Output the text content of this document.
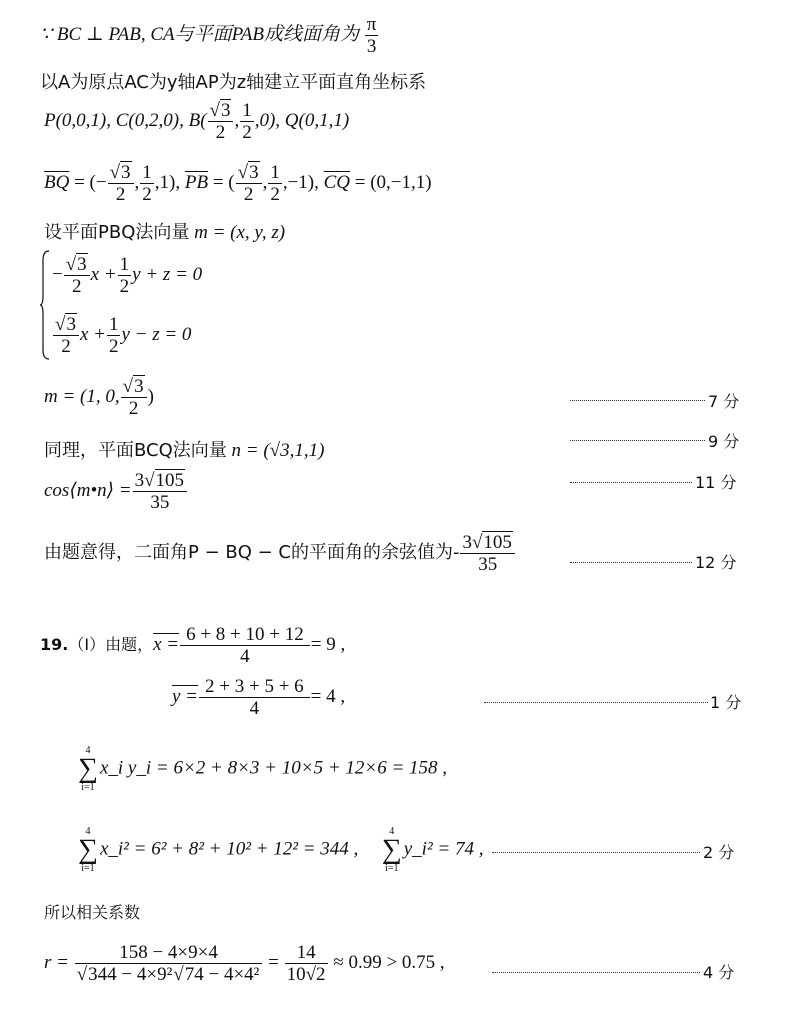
∵ BC ⊥ PAB, CA与平面PAB成线面角为 $\frac{\pi}{3}$
以A为原点AC为y轴AP为z轴建立平面直角坐标系
P(0,0,1), C(0,2,0), $B( \frac{√3}{2}$ , $\frac{1}{2} ,0$), Q(0,1,1)
$\overline{BQ}$ = (− $\frac{√3}{2}$ , $\frac{1}{2} ,1$), $\overline{PB}$ = ( $\frac{√3}{2}$ , $\frac{1}{2} ,-1$), $\overline{CQ} = (0,-1,1)$
设平面PBQ法向量 m = (x, y, z)
− $\frac{√3}{2}$ $x + \frac{1}{2}$ y + z = 0
$\frac{√3}{2}$ $x + \frac{1}{2}$ y − z = 0
m = (1, 0, $\frac{√3}{2}$ )	7 分
同理，平面BCQ法向量 n = (√3,1,1)	9 分
cos⟨m•n⟩ = $\frac{3√105}{35}$	11 分
由题意得，二面角P − BQ − C的平面角的余弦值为- $\frac{3√105}{35}$	12 分
19.（I）由题，$x = \frac{6 + 8 + 10 + 12}{4} = 9$ ,
$y = \frac{2 + 3 + 5 + 6}{4} = 4$ ,	1 分
4
∑
i=1
x_i y_i = 6×2 + 8×3 + 10×5 + 12×6 = 158 ,
4
∑
i=1
x_i² = 6² + 8² + 10² + 12² = 344 ,
4
∑
i=1
y_i² = 74 ,	2 分
所以相关系数
$r = \frac{158 - 4\times 9\times 4}{\text{√344 − 4×9²√74 − 4×4²}} = \frac{14}{10√2} \approx 0.99 > 0.75$ ,	4 分
